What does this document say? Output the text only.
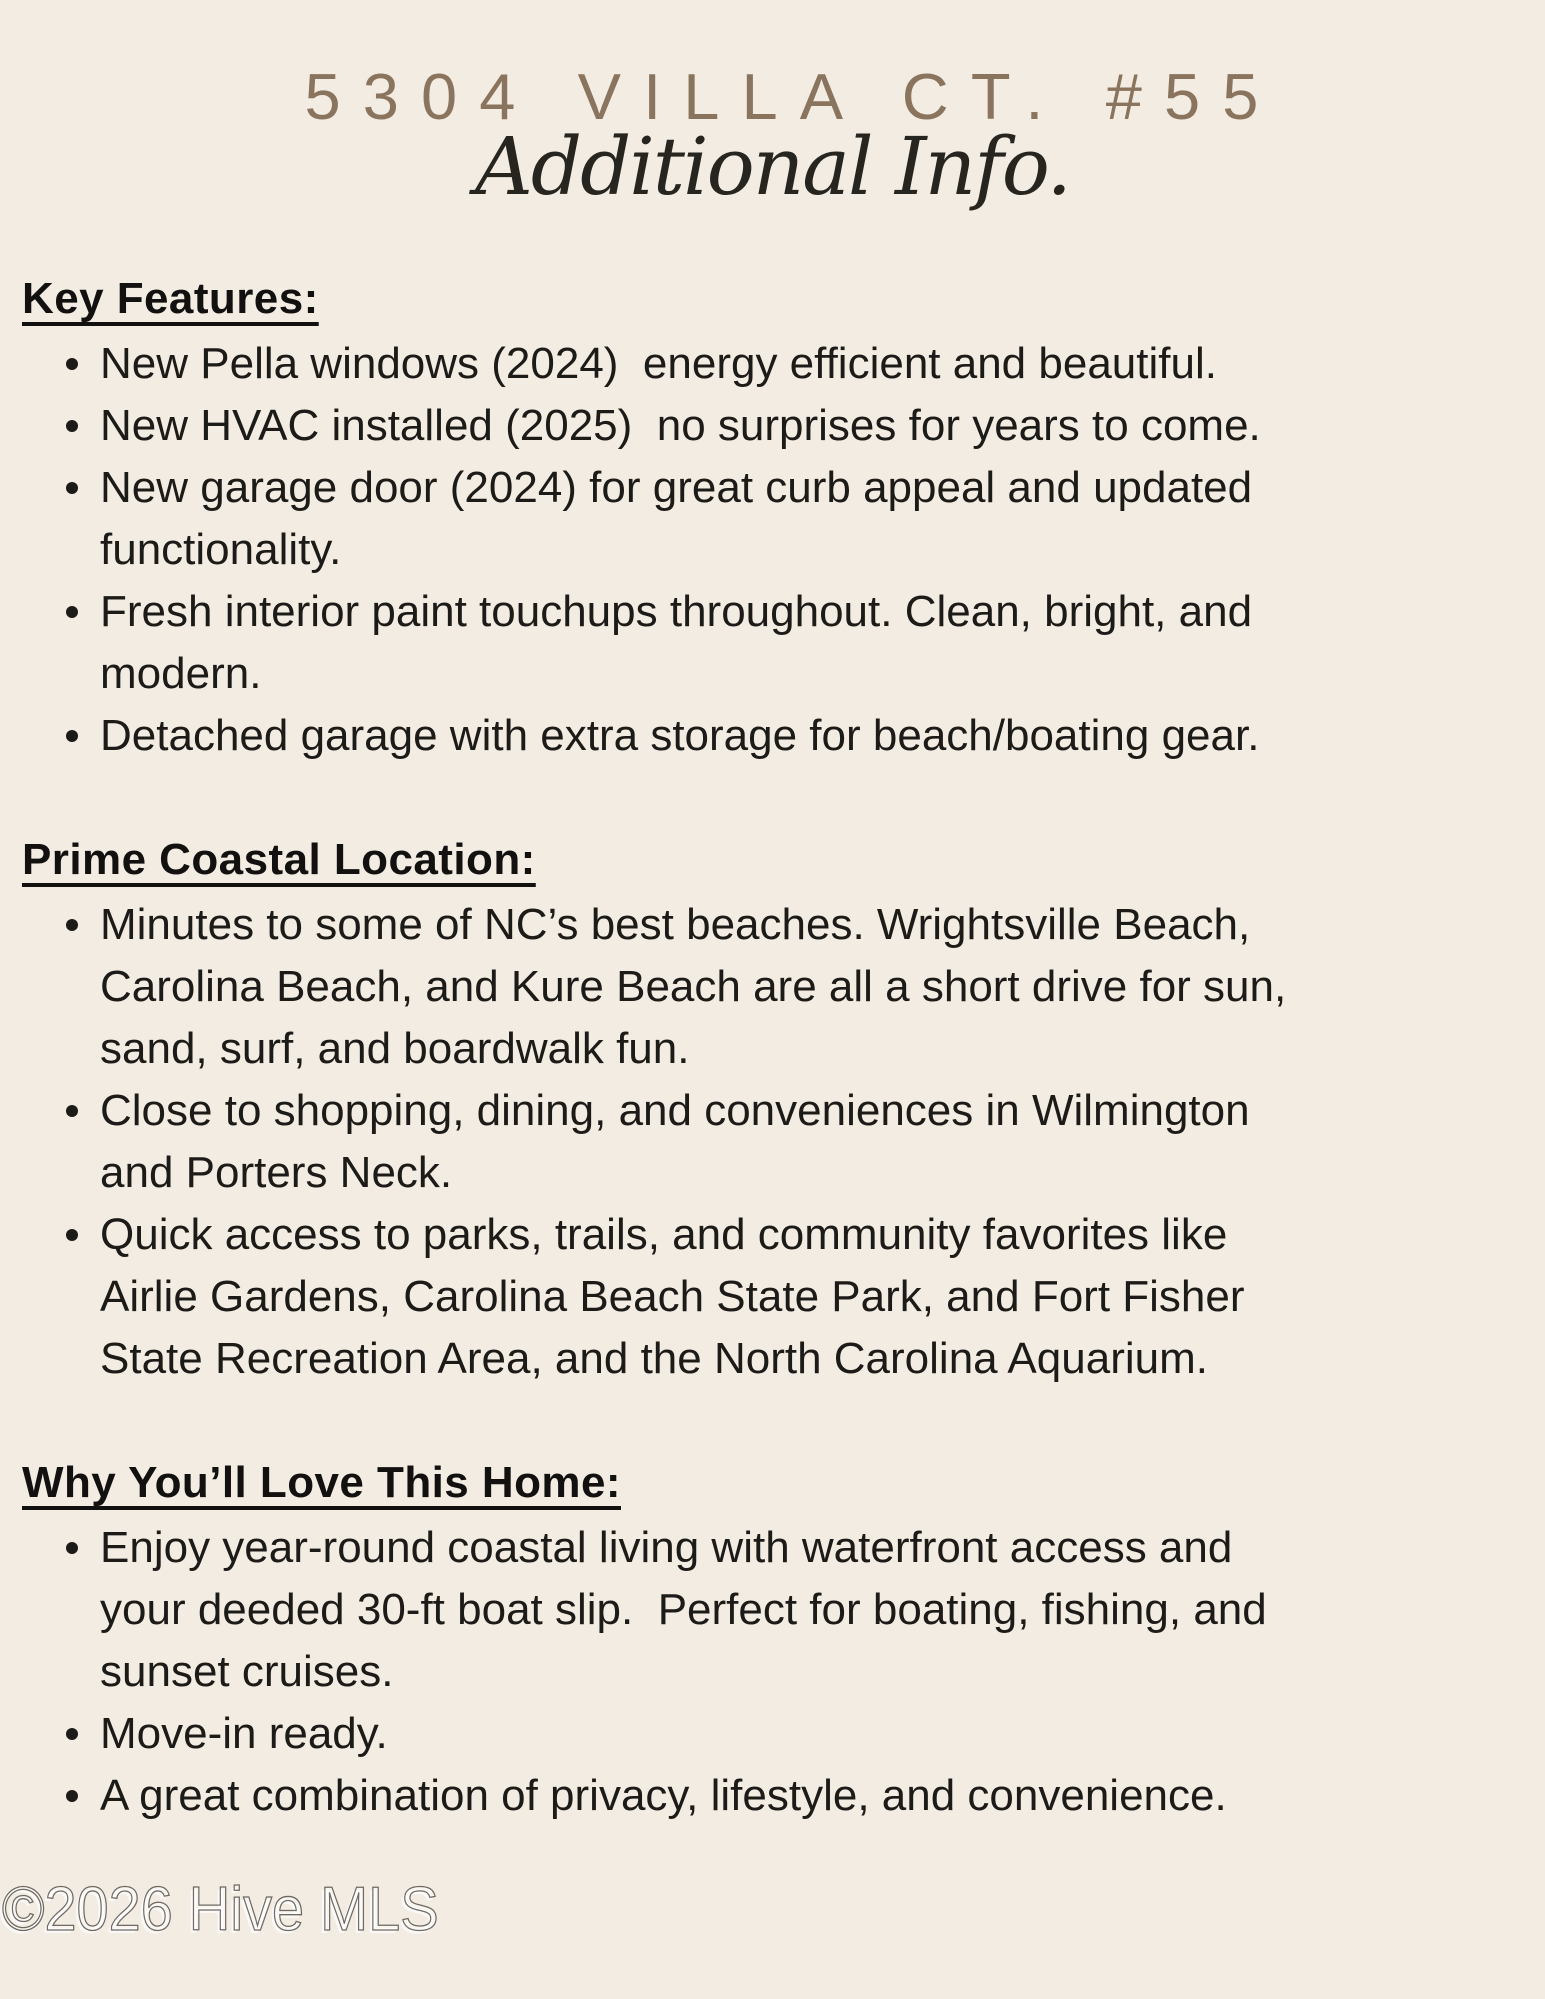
5304 VILLA CT. #55
Additional Info.
Key Features:
New Pella windows (2024)  energy efficient and beautiful.
New HVAC installed (2025)  no surprises for years to come.
New garage door (2024) for great curb appeal and updated
functionality.
Fresh interior paint touchups throughout. Clean, bright, and
modern.
Detached garage with extra storage for beach/boating gear.
Prime Coastal Location:
Minutes to some of NC’s best beaches. Wrightsville Beach,
Carolina Beach, and Kure Beach are all a short drive for sun,
sand, surf, and boardwalk fun.
Close to shopping, dining, and conveniences in Wilmington
and Porters Neck.
Quick access to parks, trails, and community favorites like
Airlie Gardens, Carolina Beach State Park, and Fort Fisher
State Recreation Area, and the North Carolina Aquarium.
Why You’ll Love This Home:
Enjoy year-round coastal living with waterfront access and
your deeded 30-ft boat slip.  Perfect for boating, fishing, and
sunset cruises.
Move-in ready.
A great combination of privacy, lifestyle, and convenience.
©2026 Hive MLS
